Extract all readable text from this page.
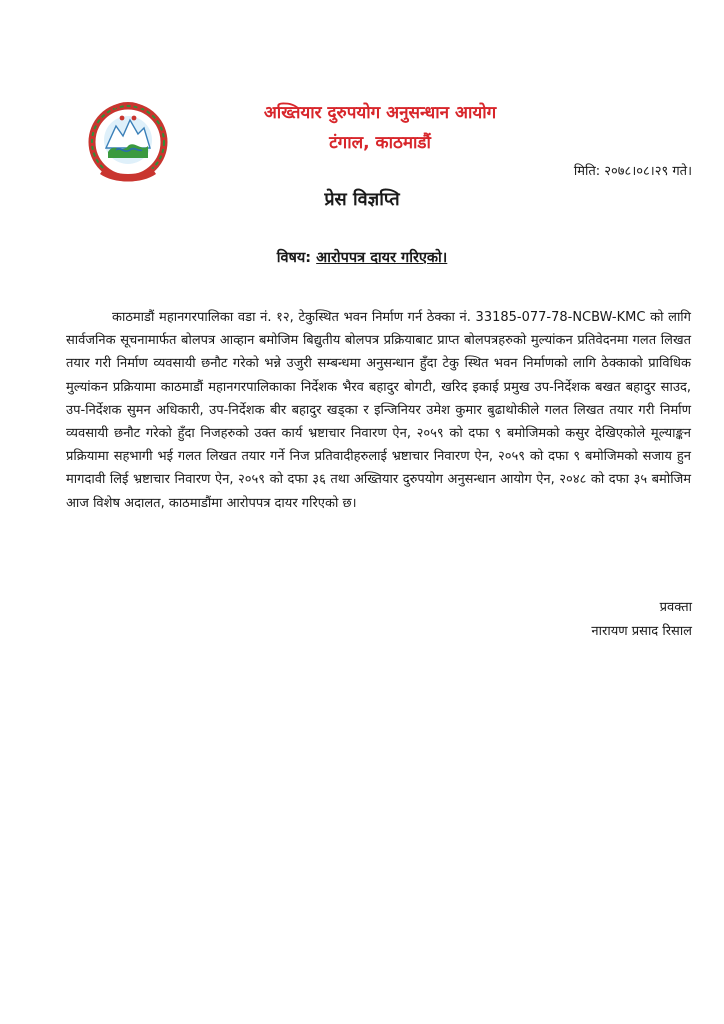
अख्तियार दुरुपयोग अनुसन्धान आयोग
टंगाल, काठमाडौं
मिति: २०७८।०८।२९ गते।
प्रेस विज्ञप्ति
विषय: आरोपपत्र दायर गरिएको।

काठमाडौं महानगरपालिका वडा नं. १२, टेकुस्थित भवन निर्माण गर्न ठेक्का नं. 33185-077-78-NCBW-KMC को लागि सार्वजनिक सूचनामार्फत बोलपत्र आव्हान बमोजिम बिद्युतीय बोलपत्र प्रक्रियाबाट प्राप्त बोलपत्रहरुको मुल्यांकन प्रतिवेदनमा गलत लिखत तयार गरी निर्माण व्यवसायी छनौट गरेको भन्ने उजुरी सम्बन्धमा अनुसन्धान हुँदा टेकु स्थित भवन निर्माणको लागि ठेक्काको प्राविधिक मुल्यांकन प्रक्रियामा काठमाडौं महानगरपालिकाका निर्देशक भैरव बहादुर बोगटी, खरिद इकाई प्रमुख उप-निर्देशक बखत बहादुर साउद, उप-निर्देशक सुमन अधिकारी, उप-निर्देशक बीर बहादुर खड्का र इन्जिनियर उमेश कुमार बुढाथोकीले गलत लिखत तयार गरी निर्माण व्यवसायी छनौट गरेको हुँदा निजहरुको उक्त कार्य भ्रष्टाचार निवारण ऐन, २०५९ को दफा ९ बमोजिमको कसुर देखिएकोले मूल्याङ्कन प्रक्रियामा सहभागी भई गलत लिखत तयार गर्ने निज प्रतिवादीहरुलाई भ्रष्टाचार निवारण ऐन, २०५९ को दफा ९ बमोजिमको सजाय हुन मागदावी लिई भ्रष्टाचार निवारण ऐन, २०५९ को दफा ३६ तथा अख्तियार दुरुपयोग अनुसन्धान आयोग ऐन, २०४८ को दफा ३५ बमोजिम आज विशेष अदालत, काठमाडौंमा आरोपपत्र दायर गरिएको छ।

प्रवक्ता
नारायण प्रसाद रिसाल
